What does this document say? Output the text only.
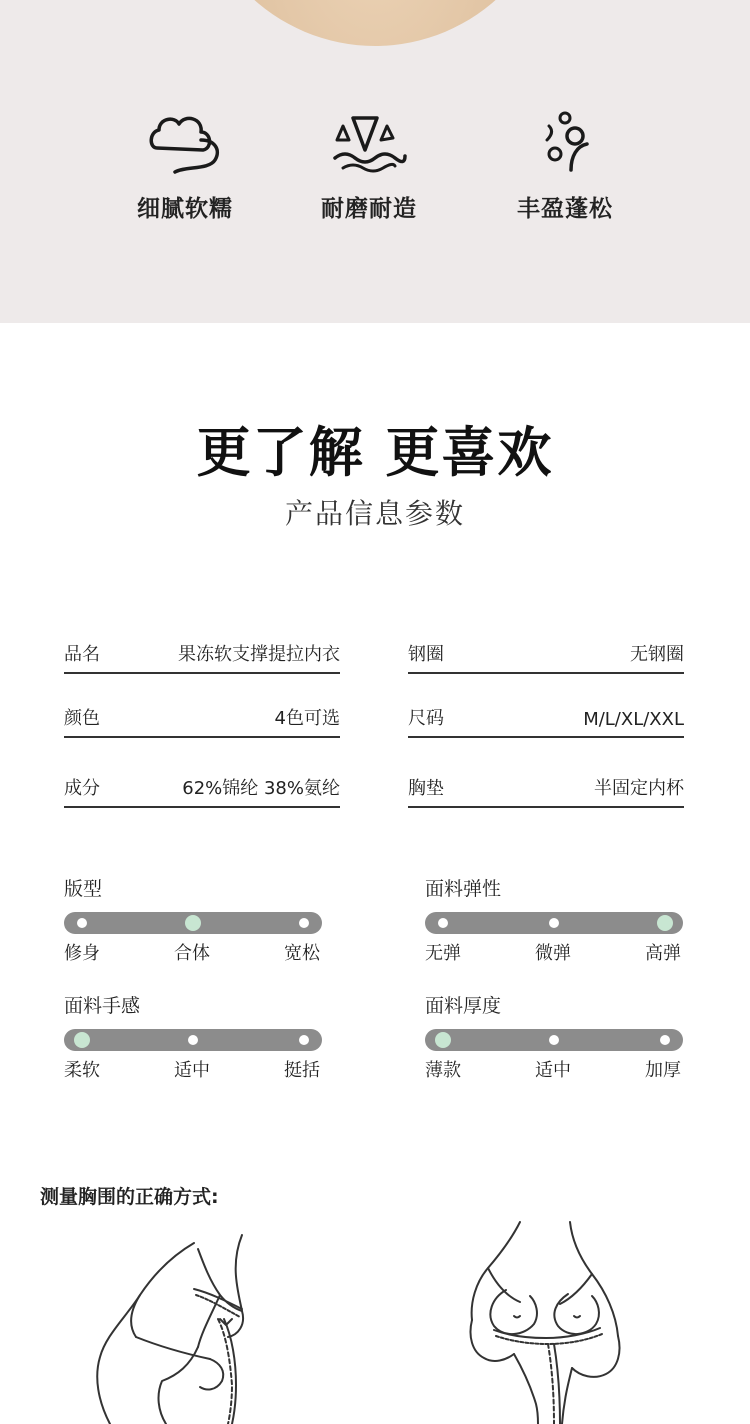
细腻软糯	耐磨耐造	丰盈蓬松
更了解 更喜欢
产品信息参数
品名	果冻软支撑提拉内衣	钢圈	无钢圈
颜色	4色可选	尺码	M/L/XL/XXL
成分	62%锦纶 38%氨纶	胸垫	半固定内杯
版型
修身	合体	宽松
面料弹性
无弹	微弹	高弹
面料手感
柔软	适中	挺括
面料厚度
薄款	适中	加厚
测量胸围的正确方式:
